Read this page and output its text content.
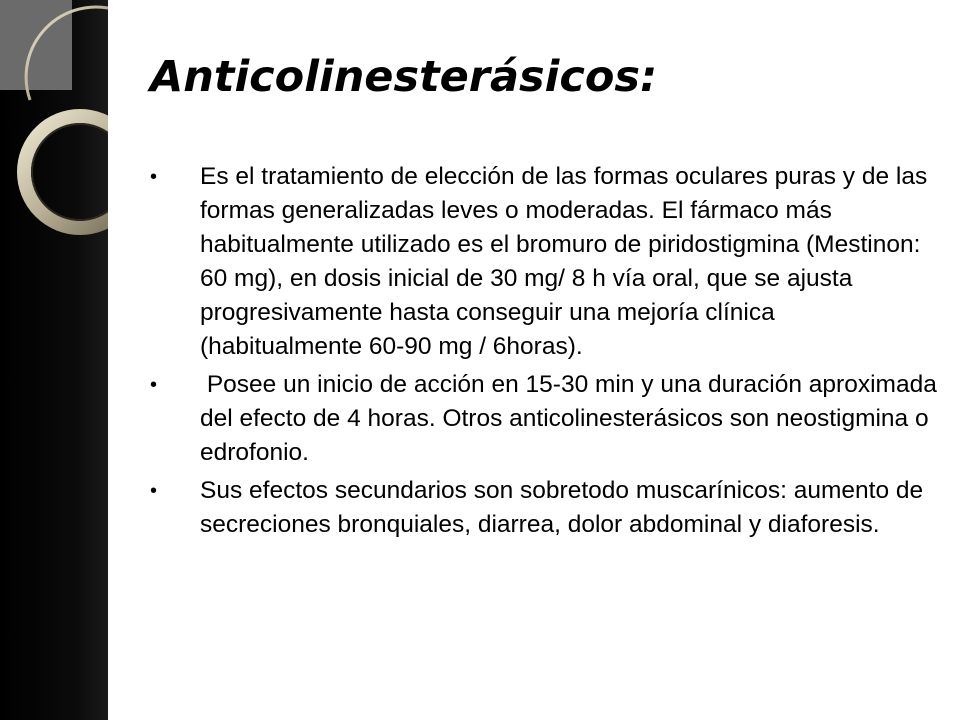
Anticolinesterásicos:
• Es el tratamiento de elección de las formas oculares puras y de las formas generalizadas leves o moderadas. El fármaco más habitualmente utilizado es el bromuro de piridostigmina (Mestinon: 60 mg), en dosis inicial de 30 mg/ 8 h vía oral, que se ajusta progresivamente hasta conseguir una mejoría clínica (habitualmente 60-90 mg / 6horas).
• Posee un inicio de acción en 15-30 min y una duración aproximada del efecto de 4 horas. Otros anticolinesterásicos son neostigmina o edrofonio.
• Sus efectos secundarios son sobretodo muscarínicos: aumento de secreciones bronquiales, diarrea, dolor abdominal y diaforesis.
